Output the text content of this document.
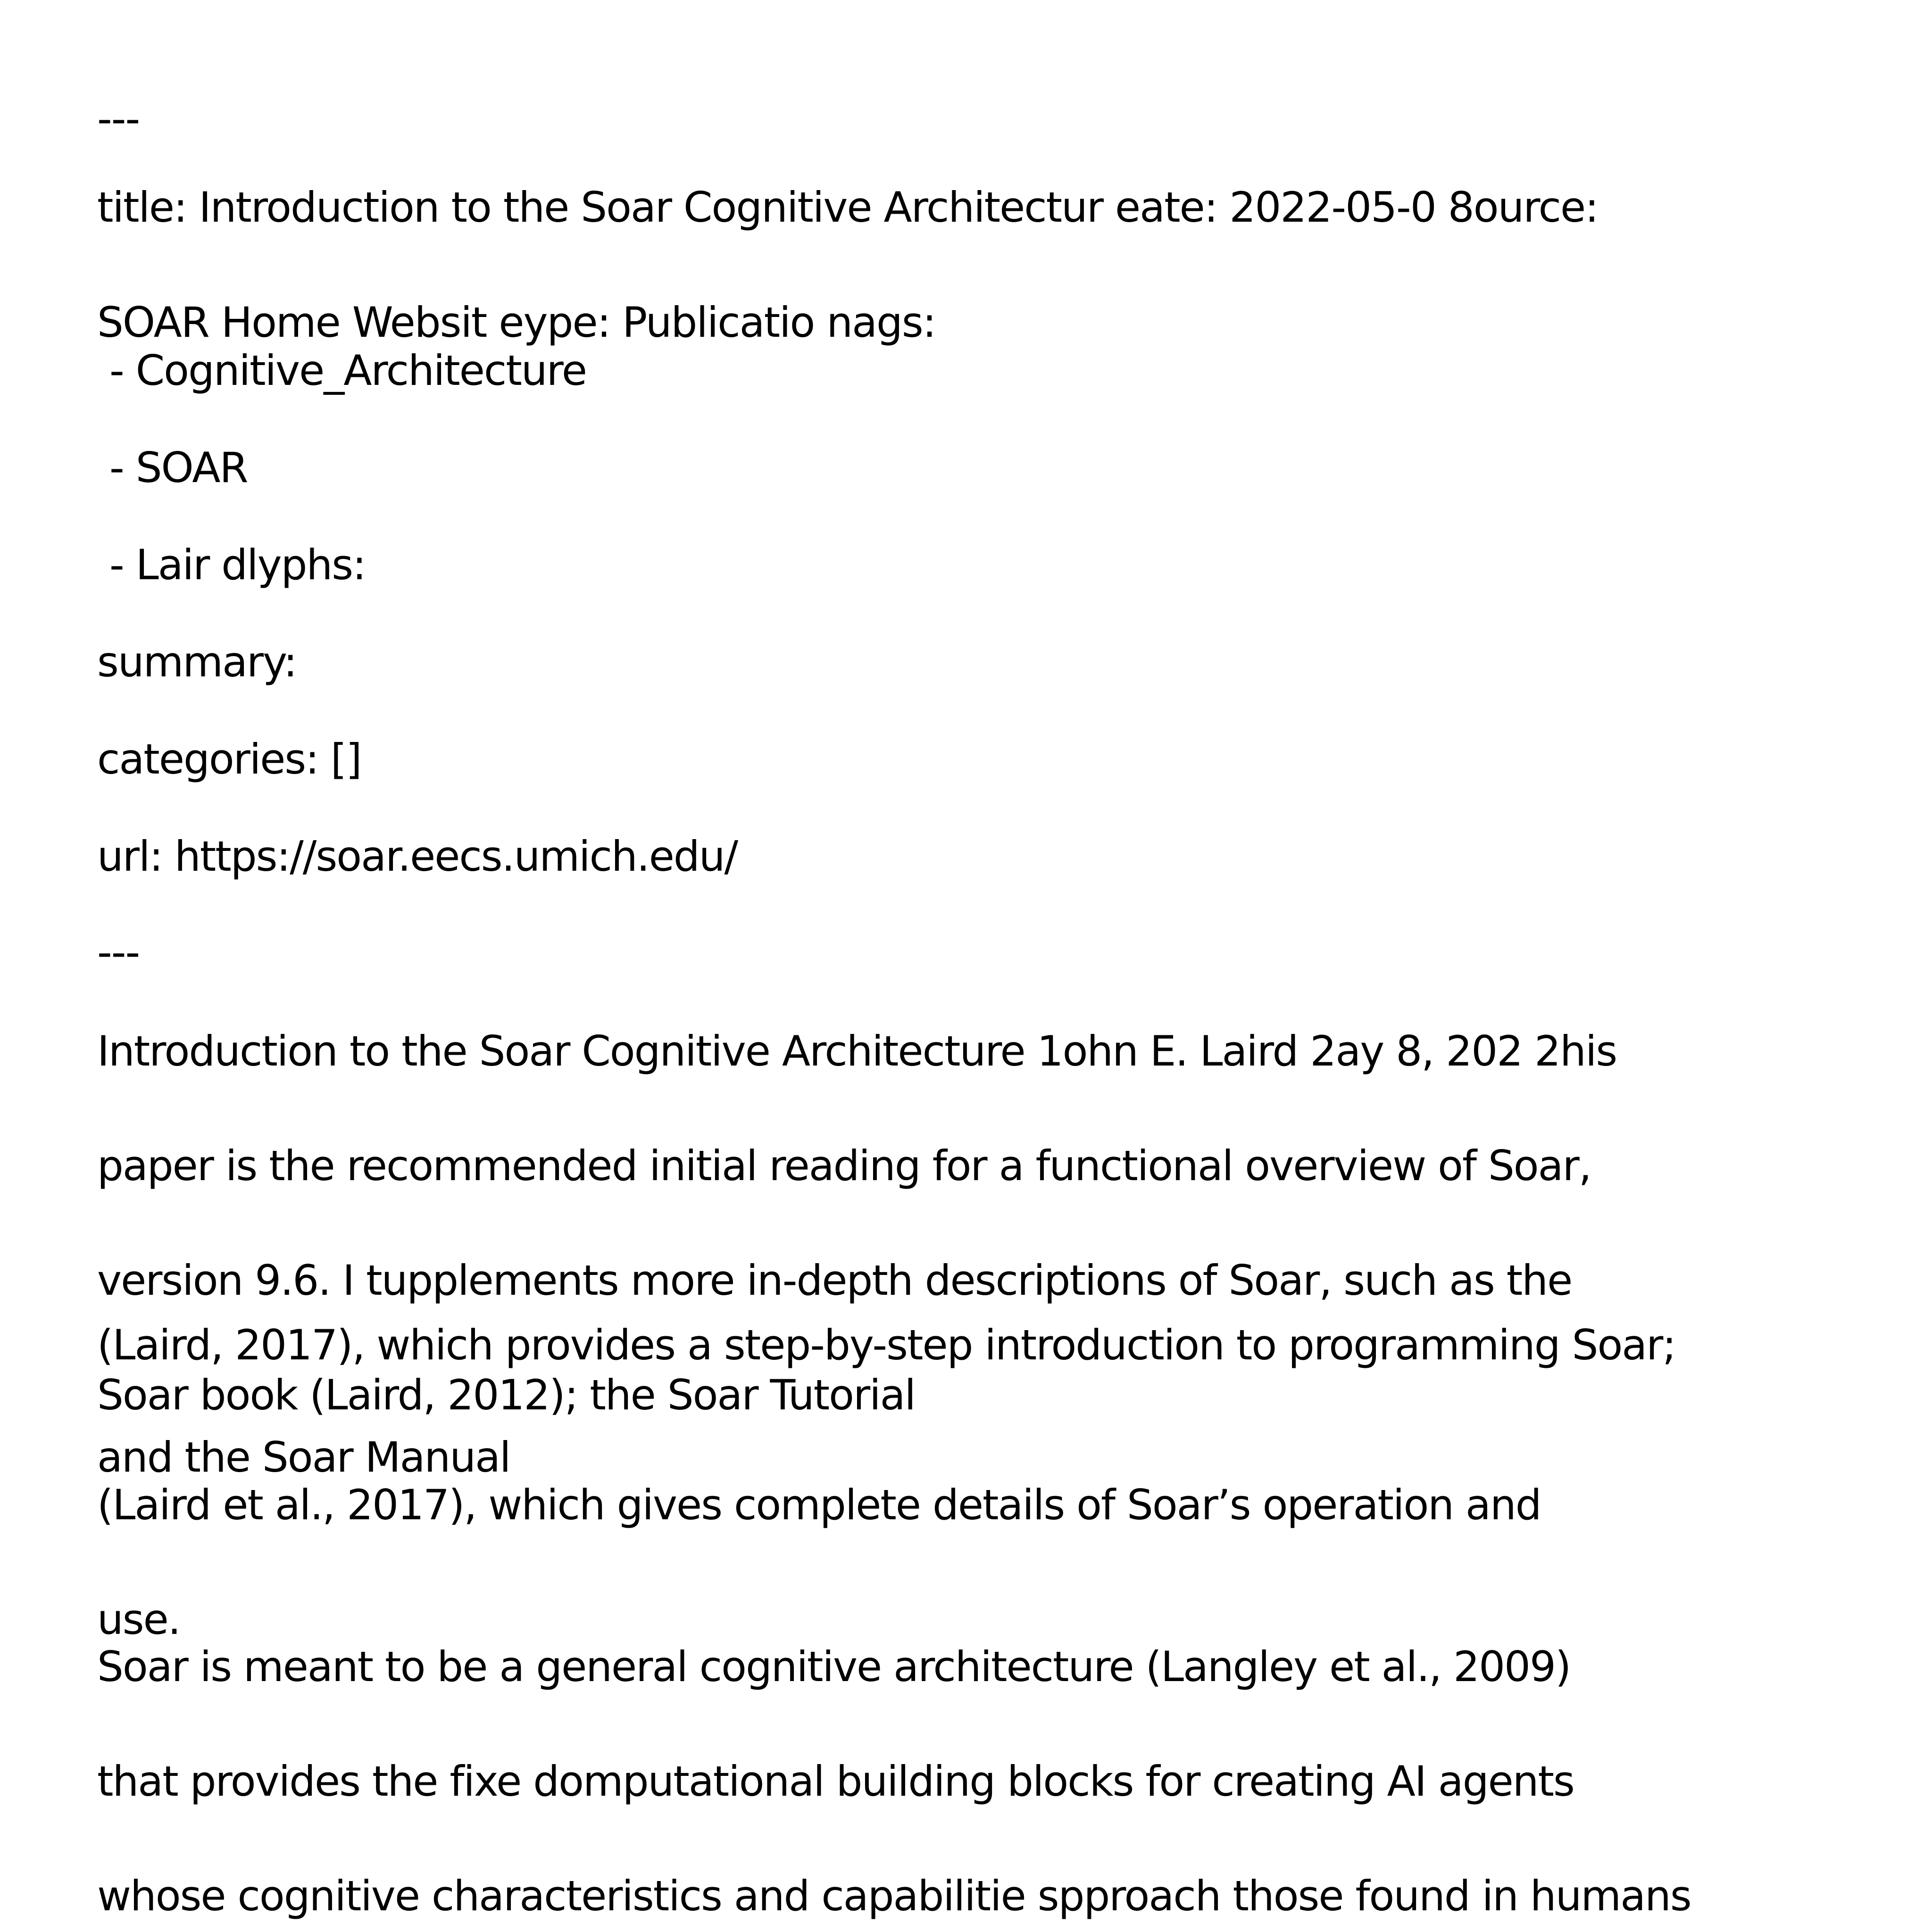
---
title: Introduction to the Soar Cognitive Architectur eate: 2022-05-0 8ource:
SOAR Home Websit eype: Publicatio nags:
- Cognitive_Architecture
- SOAR
- Lair dlyphs:
summary:
categories: []
url: https://soar.eecs.umich.edu/
---
Introduction to the Soar Cognitive Architecture 1ohn E. Laird 2ay 8, 202 2his
paper is the recommended initial reading for a functional overview of Soar,
version 9.6. I tupplements more in-depth descriptions of Soar, such as the
(Laird, 2017), which provides a step-by-step introduction to programming Soar;
Soar book (Laird, 2012); the Soar Tutorial
and the Soar Manual
(Laird et al., 2017), which gives complete details of Soar’s operation and
use.
Soar is meant to be a general cognitive architecture (Langley et al., 2009)
that provides the fixe domputational building blocks for creating AI agents
whose cognitive characteristics and capabilitie spproach those found in humans
